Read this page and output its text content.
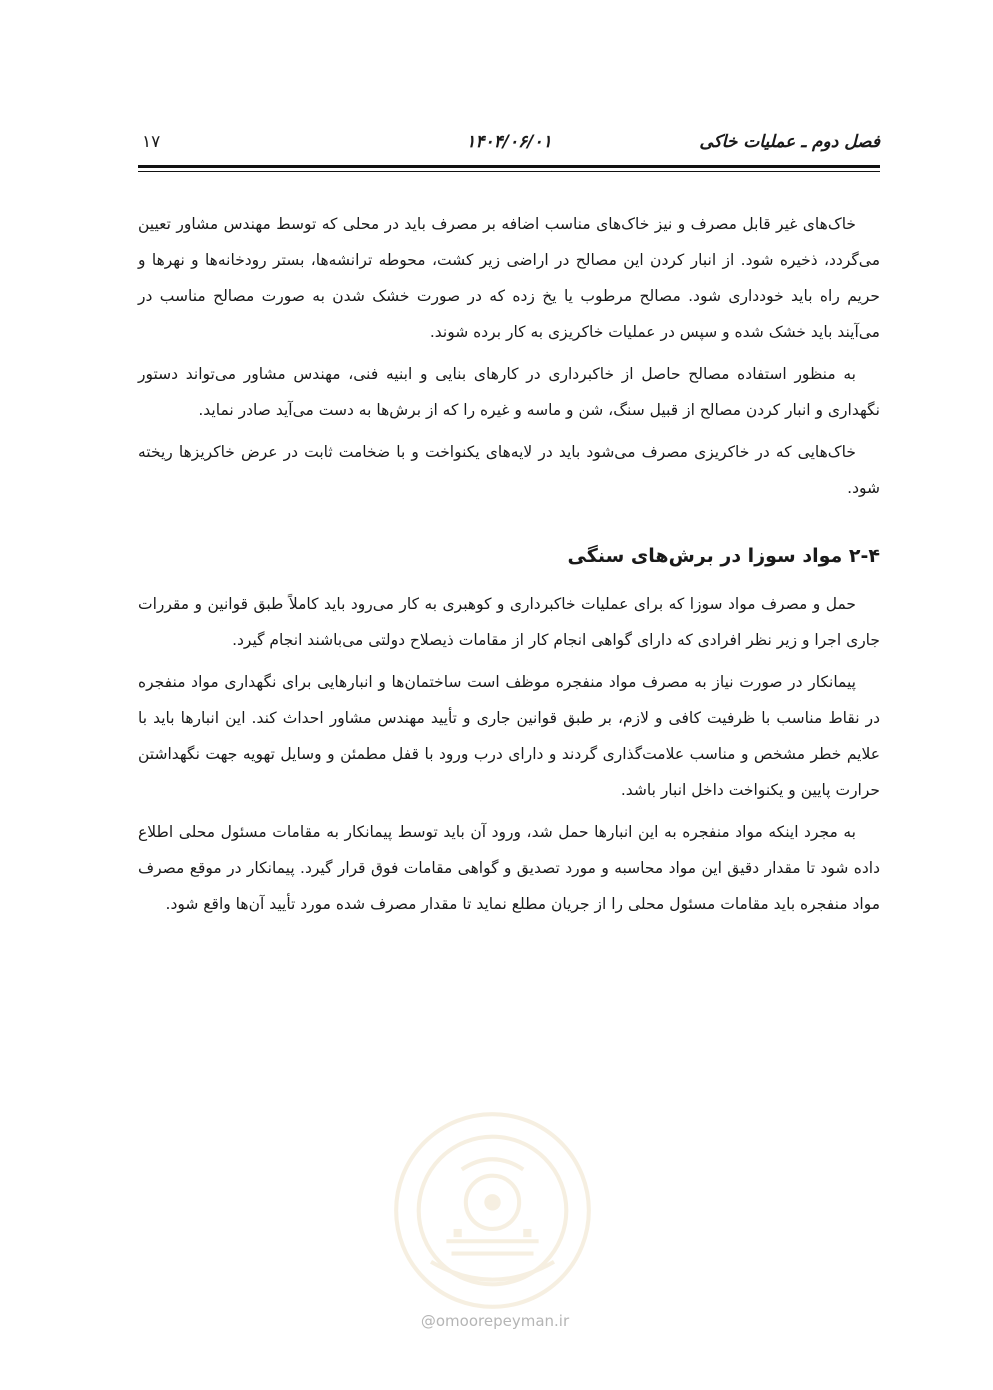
فصل دوم ـ عملیات خاکی
۱۴۰۴/۰۶/۰۱
۱۷

خاک‌های غیر قابل مصرف و نیز خاک‌های مناسب اضافه بر مصرف باید در محلی که توسط مهندس مشاور تعیین می‌گردد، ذخیره شود. از انبار کردن این مصالح در اراضی زیر کشت، محوطه ترانشه‌ها، بستر رودخانه‌ها و نهرها و حریم راه باید خودداری شود. مصالح مرطوب یا یخ زده که در صورت خشک شدن به صورت مصالح مناسب در می‌آیند باید خشک شده و سپس در عملیات خاکریزی به کار برده شوند.

به منظور استفاده مصالح حاصل از خاکبرداری در کارهای بنایی و ابنیه فنی، مهندس مشاور می‌تواند دستور نگهداری و انبار کردن مصالح از قبیل سنگ، شن و ماسه و غیره را که از برش‌ها به دست می‌آید صادر نماید.

خاک‌هایی که در خاکریزی مصرف می‌شود باید در لایه‌های یکنواخت و با ضخامت ثابت در عرض خاکریزها ریخته شود.

۲-۴ مواد سوزا در برش‌های سنگی

حمل و مصرف مواد سوزا که برای عملیات خاکبرداری و کوهبری به کار می‌رود باید کاملاً طبق قوانین و مقررات جاری اجرا و زیر نظر افرادی که دارای گواهی انجام کار از مقامات ذیصلاح دولتی می‌باشند انجام گیرد.

پیمانکار در صورت نیاز به مصرف مواد منفجره موظف است ساختمان‌ها و انبارهایی برای نگهداری مواد منفجره در نقاط مناسب با ظرفیت کافی و لازم، بر طبق قوانین جاری و تأیید مهندس مشاور احداث کند. این انبارها باید با علایم خطر مشخص و مناسب علامت‌گذاری گردند و دارای درب ورود با قفل مطمئن و وسایل تهویه جهت نگهداشتن حرارت پایین و یکنواخت داخل انبار باشد.

به مجرد اینکه مواد منفجره به این انبارها حمل شد، ورود آن باید توسط پیمانکار به مقامات مسئول محلی اطلاع داده شود تا مقدار دقیق این مواد محاسبه و مورد تصدیق و گواهی مقامات فوق قرار گیرد. پیمانکار در موقع مصرف مواد منفجره باید مقامات مسئول محلی را از جریان مطلع نماید تا مقدار مصرف شده مورد تأیید آن‌ها واقع شود.

@omoorepeyman.ir
